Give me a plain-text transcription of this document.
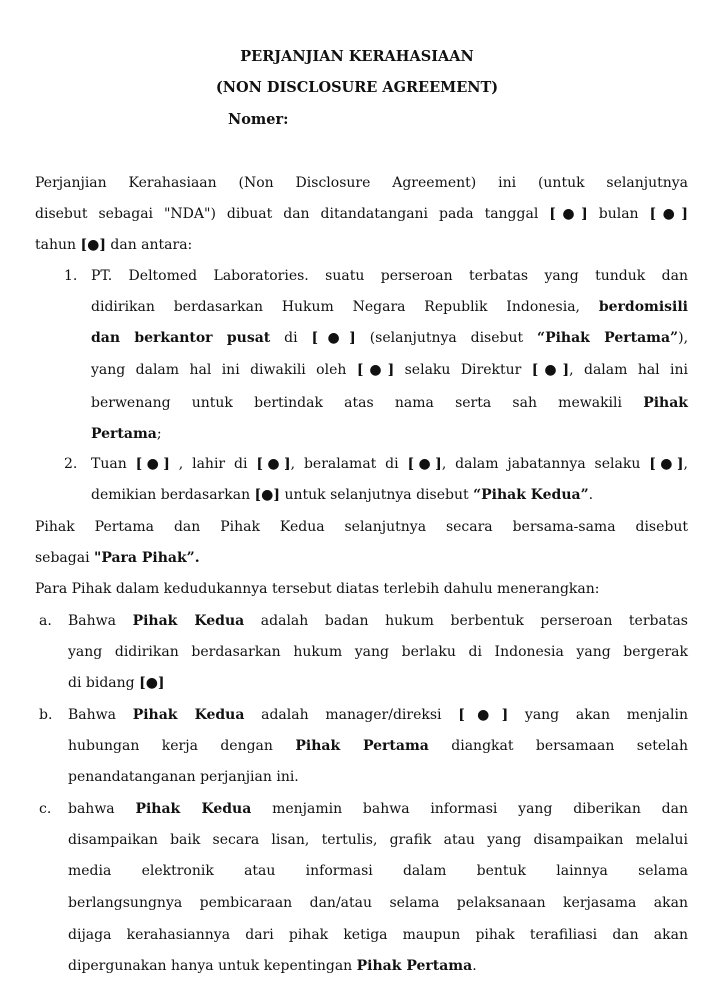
PERJANJIAN KERAHASIAAN
(NON DISCLOSURE AGREEMENT)
Nomer:
Perjanjian Kerahasiaan (Non Disclosure Agreement) ini (untuk selanjutnya
disebut sebagai "NDA") dibuat dan ditandatangani pada tanggal [●] bulan [●]
tahun [●] dan antara:
1. PT. Deltomed Laboratories. suatu perseroan terbatas yang tunduk dan
didirikan berdasarkan Hukum Negara Republik Indonesia, berdomisili
dan berkantor pusat di [●] (selanjutnya disebut “Pihak Pertama”),
yang dalam hal ini diwakili oleh [●] selaku Direktur [●], dalam hal ini
berwenang untuk bertindak atas nama serta sah mewakili Pihak
Pertama;
2. Tuan [●] , lahir di [●], beralamat di [●], dalam jabatannya selaku [●],
demikian berdasarkan [●] untuk selanjutnya disebut “Pihak Kedua”.
Pihak Pertama dan Pihak Kedua selanjutnya secara bersama-sama disebut
sebagai "Para Pihak”.
Para Pihak dalam kedudukannya tersebut diatas terlebih dahulu menerangkan:
a. Bahwa Pihak Kedua adalah badan hukum berbentuk perseroan terbatas
yang didirikan berdasarkan hukum yang berlaku di Indonesia yang bergerak
di bidang [●]
b. Bahwa Pihak Kedua adalah manager/direksi [●] yang akan menjalin
hubungan kerja dengan Pihak Pertama diangkat bersamaan setelah
penandatanganan perjanjian ini.
c. bahwa Pihak Kedua menjamin bahwa informasi yang diberikan dan
disampaikan baik secara lisan, tertulis, grafik atau yang disampaikan melalui
media elektronik atau informasi dalam bentuk lainnya selama
berlangsungnya pembicaraan dan/atau selama pelaksanaan kerjasama akan
dijaga kerahasiannya dari pihak ketiga maupun pihak terafiliasi dan akan
dipergunakan hanya untuk kepentingan Pihak Pertama.
